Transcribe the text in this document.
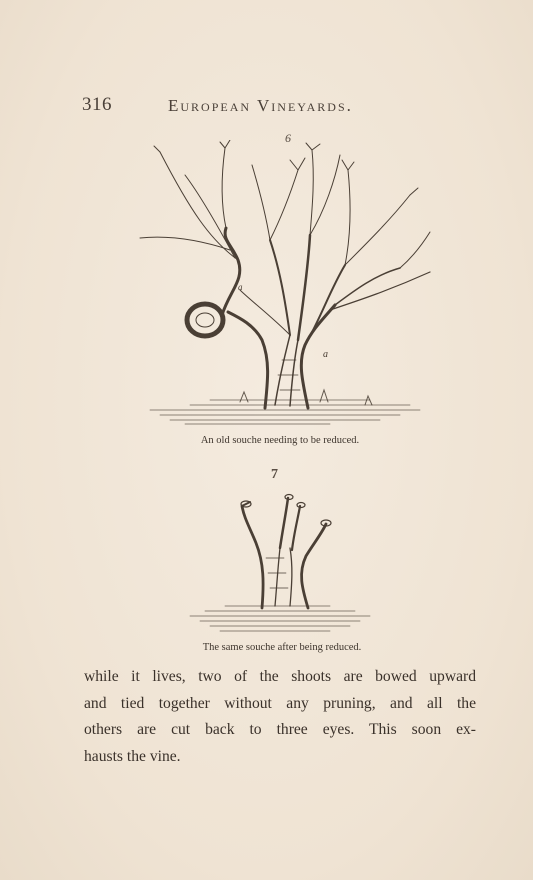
316	European Vineyards.
6
a
a
An old souche needing to be reduced.
7
The same souche after being reduced.
while it lives, two of the shoots are bowed upward
and tied together without any pruning, and all the
others are cut back to three eyes. This soon ex-
hausts the vine.
